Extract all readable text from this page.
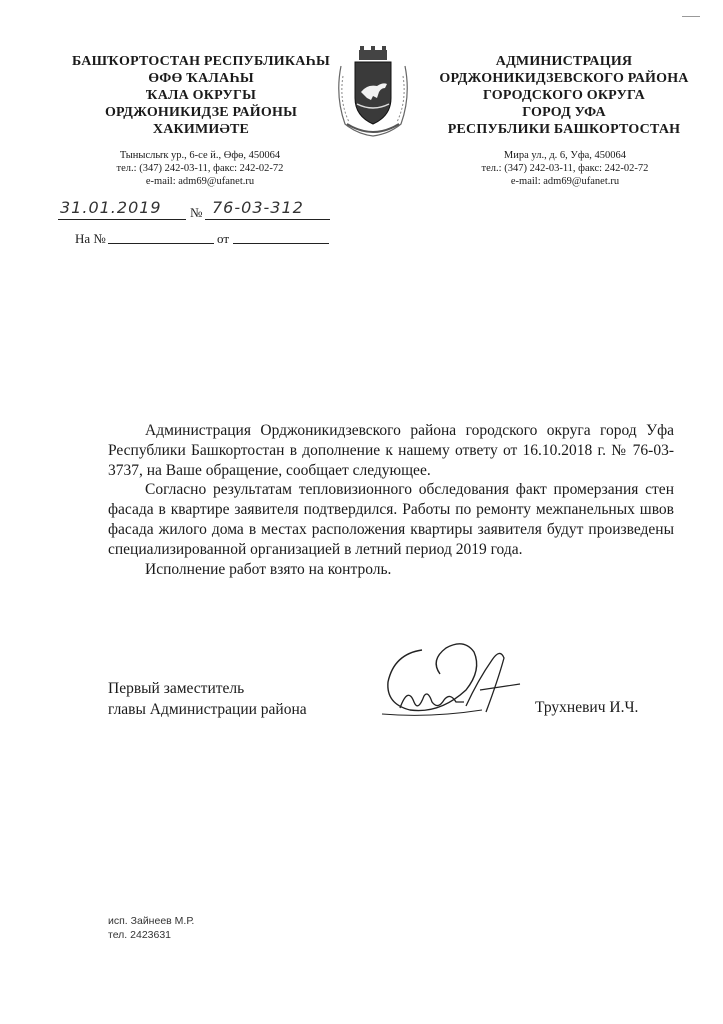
БАШҠОРТОСТАН РЕСПУБЛИКАҺЫ
ӨФӨ ҠАЛАҺЫ
ҠАЛА ОКРУГЫ
ОРДЖОНИКИДЗЕ РАЙОНЫ
ХАКИМИӘТЕ
АДМИНИСТРАЦИЯ
ОРДЖОНИКИДЗЕВСКОГО РАЙОНА
ГОРОДСКОГО ОКРУГА
ГОРОД УФА
РЕСПУБЛИКИ БАШКОРТОСТАН
Тыныслыҡ ур., 6-се й., Өфө, 450064
тел.: (347) 242-03-11, факс: 242-02-72
e-mail: adm69@ufanet.ru
Мира ул., д. 6, Уфа, 450064
тел.: (347) 242-03-11, факс: 242-02-72
e-mail: adm69@ufanet.ru
31.01.2019 № 76-03-312
На №	от

Администрация Орджоникидзевского района городского округа город Уфа Республики Башкортостан в дополнение к нашему ответу от 16.10.2018 г. № 76-03-3737, на Ваше обращение, сообщает следующее.

Согласно результатам тепловизионного обследования факт промерзания стен фасада в квартире заявителя подтвердился. Работы по ремонту межпанельных швов фасада жилого дома в местах расположения квартиры заявителя будут произведены специализированной организацией в летний период 2019 года.

Исполнение работ взято на контроль.

Первый заместитель
главы Администрации района	Трухневич И.Ч.
исп. Зайнеев М.Р.
тел. 2423631
